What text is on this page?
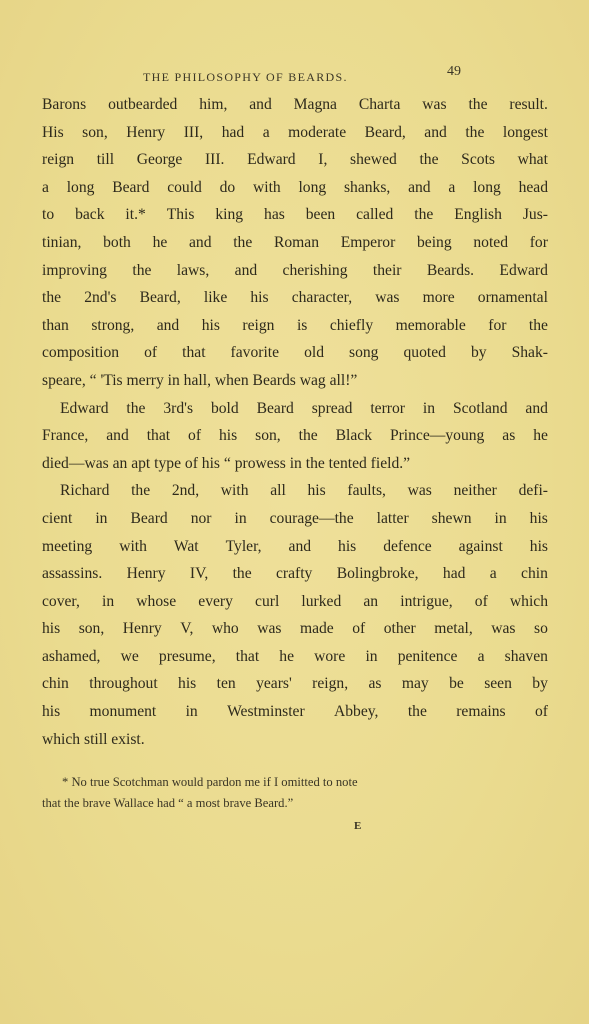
THE PHILOSOPHY OF BEARDS.	49
Barons outbearded him, and Magna Charta was the result.
His son, Henry III, had a moderate Beard, and the longest
reign till George III. Edward I, shewed the Scots what
a long Beard could do with long shanks, and a long head
to back it.* This king has been called the English Jus-
tinian, both he and the Roman Emperor being noted for
improving the laws, and cherishing their Beards. Edward
the 2nd's Beard, like his character, was more ornamental
than strong, and his reign is chiefly memorable for the
composition of that favorite old song quoted by Shak-
speare, “ 'Tis merry in hall, when Beards wag all!”
Edward the 3rd's bold Beard spread terror in Scotland and
France, and that of his son, the Black Prince—young as he
died—was an apt type of his “ prowess in the tented field.”
Richard the 2nd, with all his faults, was neither defi-
cient in Beard nor in courage—the latter shewn in his
meeting with Wat Tyler, and his defence against his
assassins. Henry IV, the crafty Bolingbroke, had a chin
cover, in whose every curl lurked an intrigue, of which
his son, Henry V, who was made of other metal, was so
ashamed, we presume, that he wore in penitence a shaven
chin throughout his ten years' reign, as may be seen by
his monument in Westminster Abbey, the remains of
which still exist.
* No true Scotchman would pardon me if I omitted to note
that the brave Wallace had “ a most brave Beard.”
E
